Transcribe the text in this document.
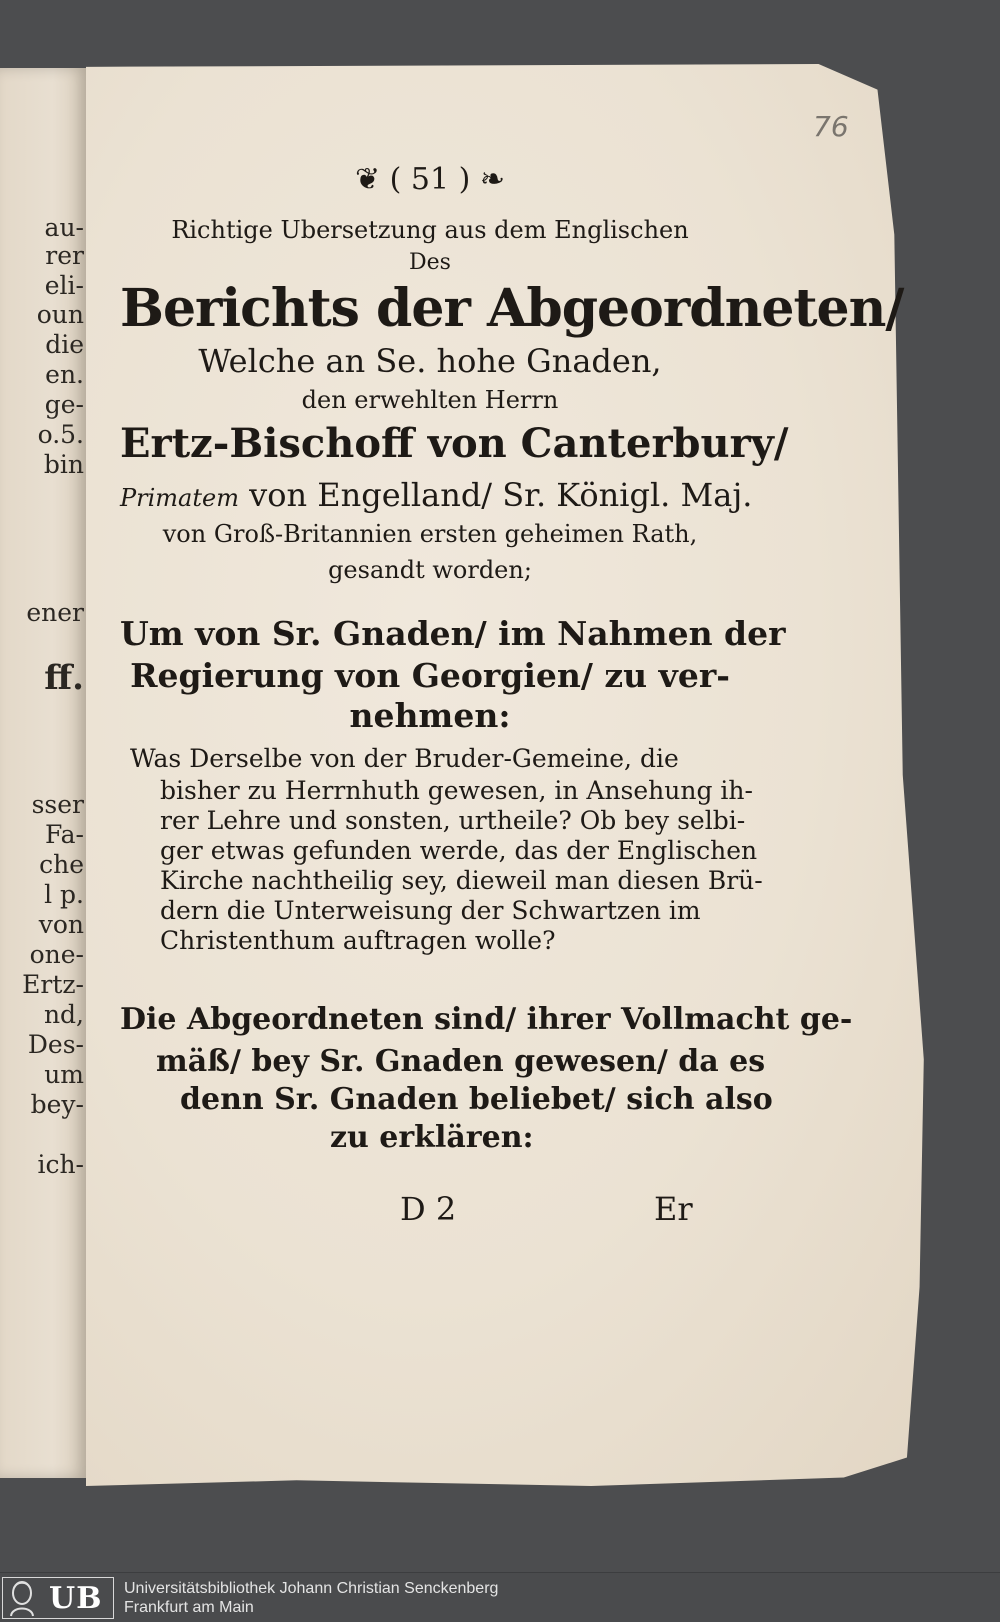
au-
rer
eli-
oun
die
en.
ge-
o.5.
bin
ener
ff.
sser
Fa-
che
l p.
von
one-
Ertz-
nd,
Des-
um
bey-
ich-
76
❦ ( 51 ) ❧
Richtige Ubersetzung aus dem Englischen
Des
Berichts der Abgeordneten/
Welche an Se. hohe Gnaden,
den erwehlten Herrn
Ertz-Bischoff von Canterbury/
Primatem von Engelland/ Sr. Königl. Maj.
von Groß-Britannien ersten geheimen Rath,
gesandt worden;
Um von Sr. Gnaden/ im Nahmen der
Regierung von Georgien/ zu ver-
nehmen:
Was Derselbe von der Bruder-Gemeine, die
bisher zu Herrnhuth gewesen, in Ansehung ih-
rer Lehre und sonsten, urtheile? Ob bey selbi-
ger etwas gefunden werde, das der Englischen
Kirche nachtheilig sey, dieweil man diesen Brü-
dern die Unterweisung der Schwartzen im
Christenthum auftragen wolle?
Die Abgeordneten sind/ ihrer Vollmacht ge-
mäß/ bey Sr. Gnaden gewesen/ da es
denn Sr. Gnaden beliebet/ sich also
zu erklären:
D 2	Er
UB Universitätsbibliothek Johann Christian Senckenberg
Frankfurt am Main
